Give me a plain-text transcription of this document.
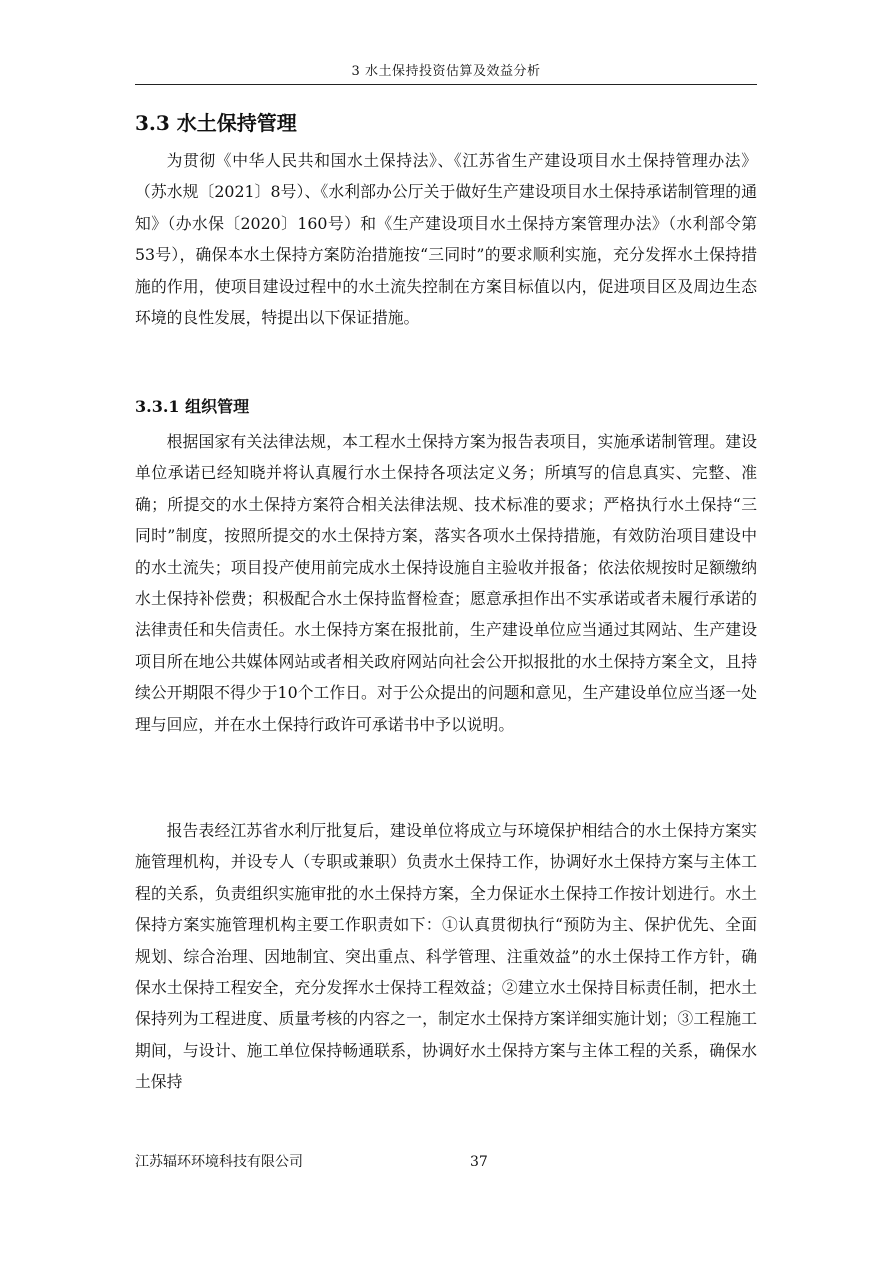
3 水土保持投资估算及效益分析
3.3 水土保持管理

为贯彻《中华人民共和国水土保持法》、《江苏省生产建设项目水土保持管理办法》（苏水规〔2021〕8号）、《水利部办公厅关于做好生产建设项目水土保持承诺制管理的通知》（办水保〔2020〕160号）和《生产建设项目水土保持方案管理办法》（水利部令第53号），确保本水土保持方案防治措施按“三同时”的要求顺利实施，充分发挥水土保持措施的作用，使项目建设过程中的水土流失控制在方案目标值以内，促进项目区及周边生态环境的良性发展，特提出以下保证措施。

3.3.1 组织管理

根据国家有关法律法规，本工程水土保持方案为报告表项目，实施承诺制管理。建设单位承诺已经知晓并将认真履行水土保持各项法定义务；所填写的信息真实、完整、准确；所提交的水土保持方案符合相关法律法规、技术标准的要求；严格执行水土保持“三同时”制度，按照所提交的水土保持方案，落实各项水土保持措施，有效防治项目建设中的水土流失；项目投产使用前完成水土保持设施自主验收并报备；依法依规按时足额缴纳水土保持补偿费；积极配合水土保持监督检查；愿意承担作出不实承诺或者未履行承诺的法律责任和失信责任。水土保持方案在报批前，生产建设单位应当通过其网站、生产建设项目所在地公共媒体网站或者相关政府网站向社会公开拟报批的水土保持方案全文，且持续公开期限不得少于10个工作日。对于公众提出的问题和意见，生产建设单位应当逐一处理与回应，并在水土保持行政许可承诺书中予以说明。

报告表经江苏省水利厅批复后，建设单位将成立与环境保护相结合的水土保持方案实施管理机构，并设专人（专职或兼职）负责水土保持工作，协调好水土保持方案与主体工程的关系，负责组织实施审批的水土保持方案，全力保证水土保持工作按计划进行。水土保持方案实施管理机构主要工作职责如下：①认真贯彻执行“预防为主、保护优先、全面规划、综合治理、因地制宜、突出重点、科学管理、注重效益”的水土保持工作方针，确保水土保持工程安全，充分发挥水士保持工程效益；②建立水土保持目标责任制，把水土保持列为工程进度、质量考核的内容之一，制定水土保持方案详细实施计划；③工程施工期间，与设计、施工单位保持畅通联系，协调好水土保持方案与主体工程的关系，确保水土保持

江苏辐环环境科技有限公司	37
